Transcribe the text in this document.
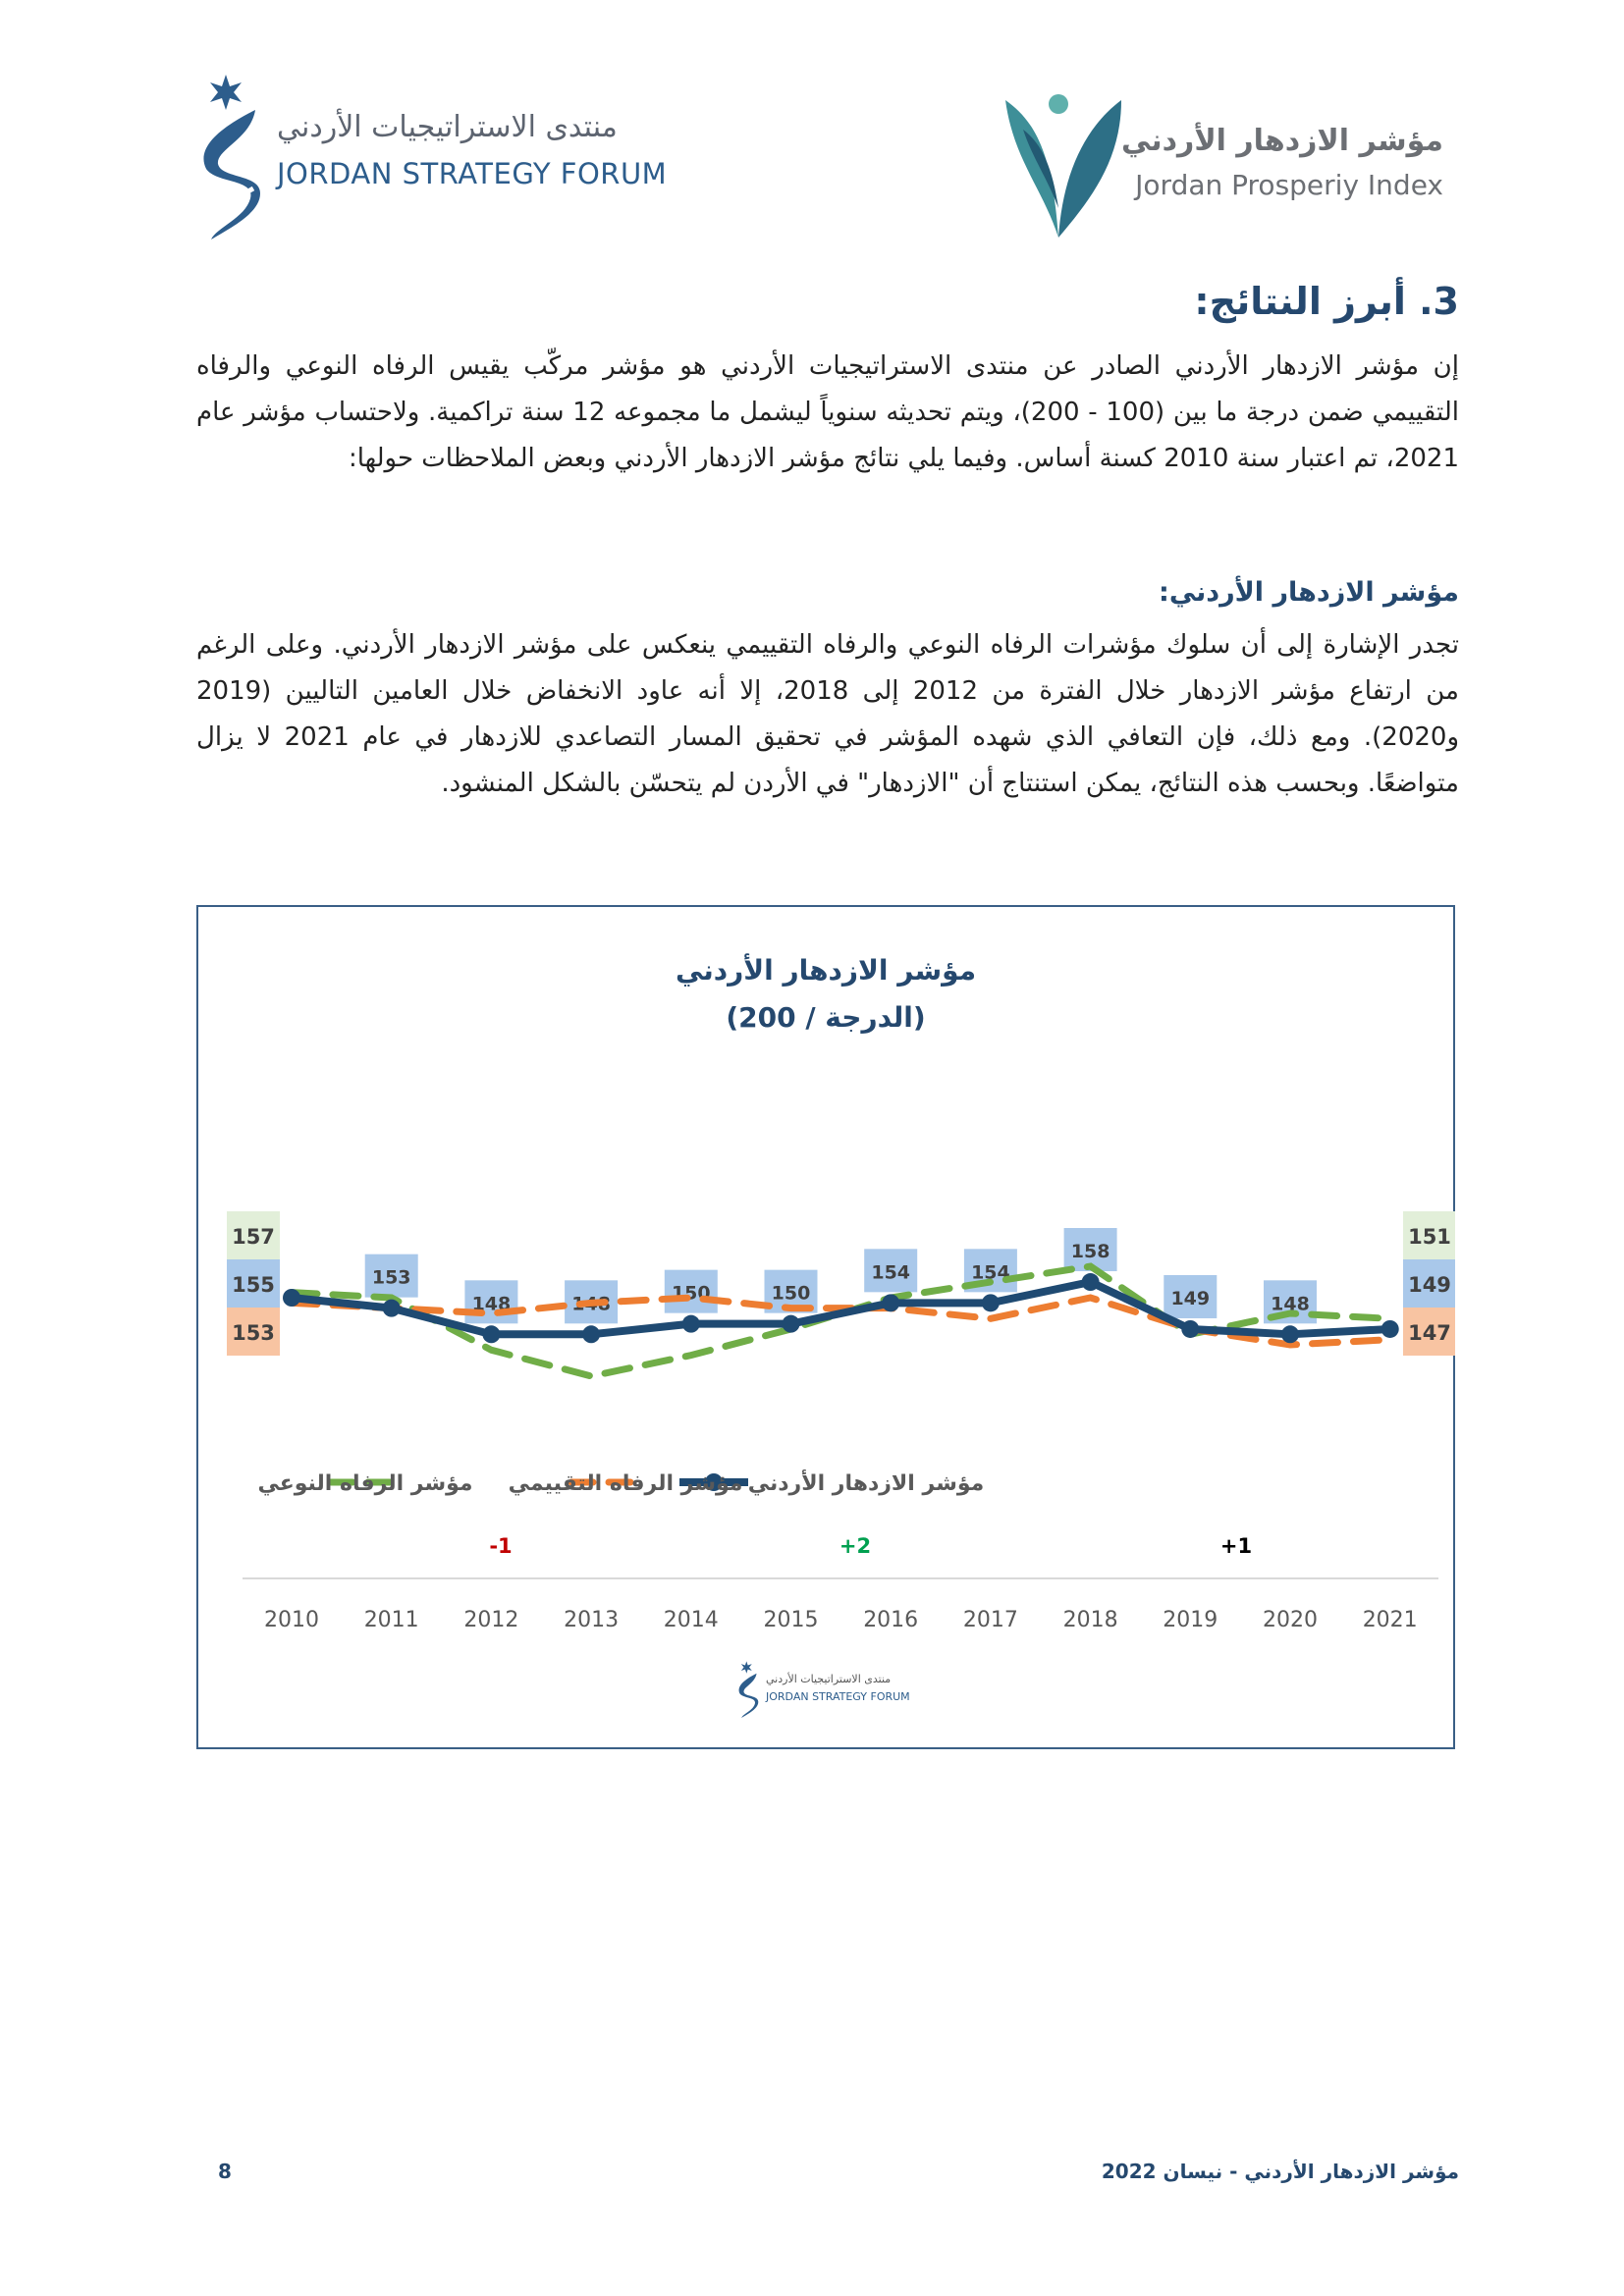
منتدى الاستراتيجيات الأردني
JORDAN STRATEGY FORUM
مؤشر الازدهار الأردني
Jordan Prosperiy Index
3. أبرز النتائج:
إن مؤشر الازدهار الأردني الصادر عن منتدى الاستراتيجيات الأردني هو مؤشر مركّب يقيس الرفاه النوعي والرفاه التقييمي ضمن درجة ما بين (100 - 200)، ويتم تحديثه سنوياً ليشمل ما مجموعه 12 سنة تراكمية. ولاحتساب مؤشر عام 2021، تم اعتبار سنة 2010 كسنة أساس. وفيما يلي نتائج مؤشر الازدهار الأردني وبعض الملاحظات حولها:
مؤشر الازدهار الأردني:
تجدر الإشارة إلى أن سلوك مؤشرات الرفاه النوعي والرفاه التقييمي ينعكس على مؤشر الازدهار الأردني. وعلى الرغم من ارتفاع مؤشر الازدهار خلال الفترة من 2012 إلى 2018، إلا أنه عاود الانخفاض خلال العامين التاليين (2019 و2020). ومع ذلك، فإن التعافي الذي شهده المؤشر في تحقيق المسار التصاعدي للازدهار في عام 2021 لا يزال متواضعًا. وبحسب هذه النتائج، يمكن استنتاج أن "الازدهار" في الأردن لم يتحسّن بالشكل المنشود.
مؤشر الازدهار الأردني
(الدرجة / 200)
153
148	148	150	150
154	154
158
149	148
157
155
153
151
149
147
مؤشر الازدهار الأردني
مؤشر الرفاه التقييمي
مؤشر الرفاه النوعي
-1	+2	+1
2010 2011 2012 2013 2014 2015 2016 2017 2018 2019 2020 2021
منتدى الاستراتيجيات الأردني
JORDAN STRATEGY FORUM
8	مؤشر الازدهار الأردني - نيسان 2022
